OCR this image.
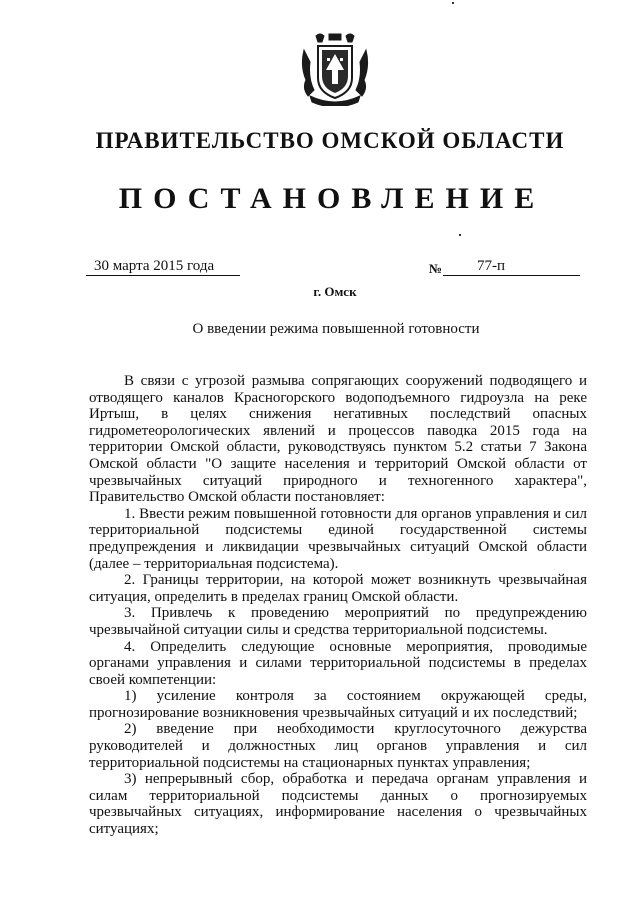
ПРАВИТЕЛЬСТВО ОМСКОЙ ОБЛАСТИ
ПОСТАНОВЛЕНИЕ
30 марта 2015 года	№	77-п
г. Омск
О введении режима повышенной готовности

В связи с угрозой размыва сопрягающих сооружений подводящего и отводящего каналов Красногорского водоподъемного гидроузла на реке Иртыш, в целях снижения негативных последствий опасных гидрометеорологических явлений и процессов паводка 2015 года на территории Омской области, руководствуясь пунктом 5.2 статьи 7 Закона Омской области "О защите населения и территорий Омской области от чрезвычайных ситуаций природного и техногенного характера", Правительство Омской области постановляет:

1. Ввести режим повышенной готовности для органов управления и сил территориальной подсистемы единой государственной системы предупреждения и ликвидации чрезвычайных ситуаций Омской области (далее – территориальная подсистема).

2. Границы территории, на которой может возникнуть чрезвычайная ситуация, определить в пределах границ Омской области.

3. Привлечь к проведению мероприятий по предупреждению чрезвычайной ситуации силы и средства территориальной подсистемы.

4. Определить следующие основные мероприятия, проводимые органами управления и силами территориальной подсистемы в пределах своей компетенции:

1) усиление контроля за состоянием окружающей среды, прогнозирование возникновения чрезвычайных ситуаций и их последствий;

2) введение при необходимости круглосуточного дежурства руководителей и должностных лиц органов управления и сил территориальной подсистемы на стационарных пунктах управления;

3) непрерывный сбор, обработка и передача органам управления и силам территориальной подсистемы данных о прогнозируемых чрезвычайных ситуациях, информирование населения о чрезвычайных ситуациях;
